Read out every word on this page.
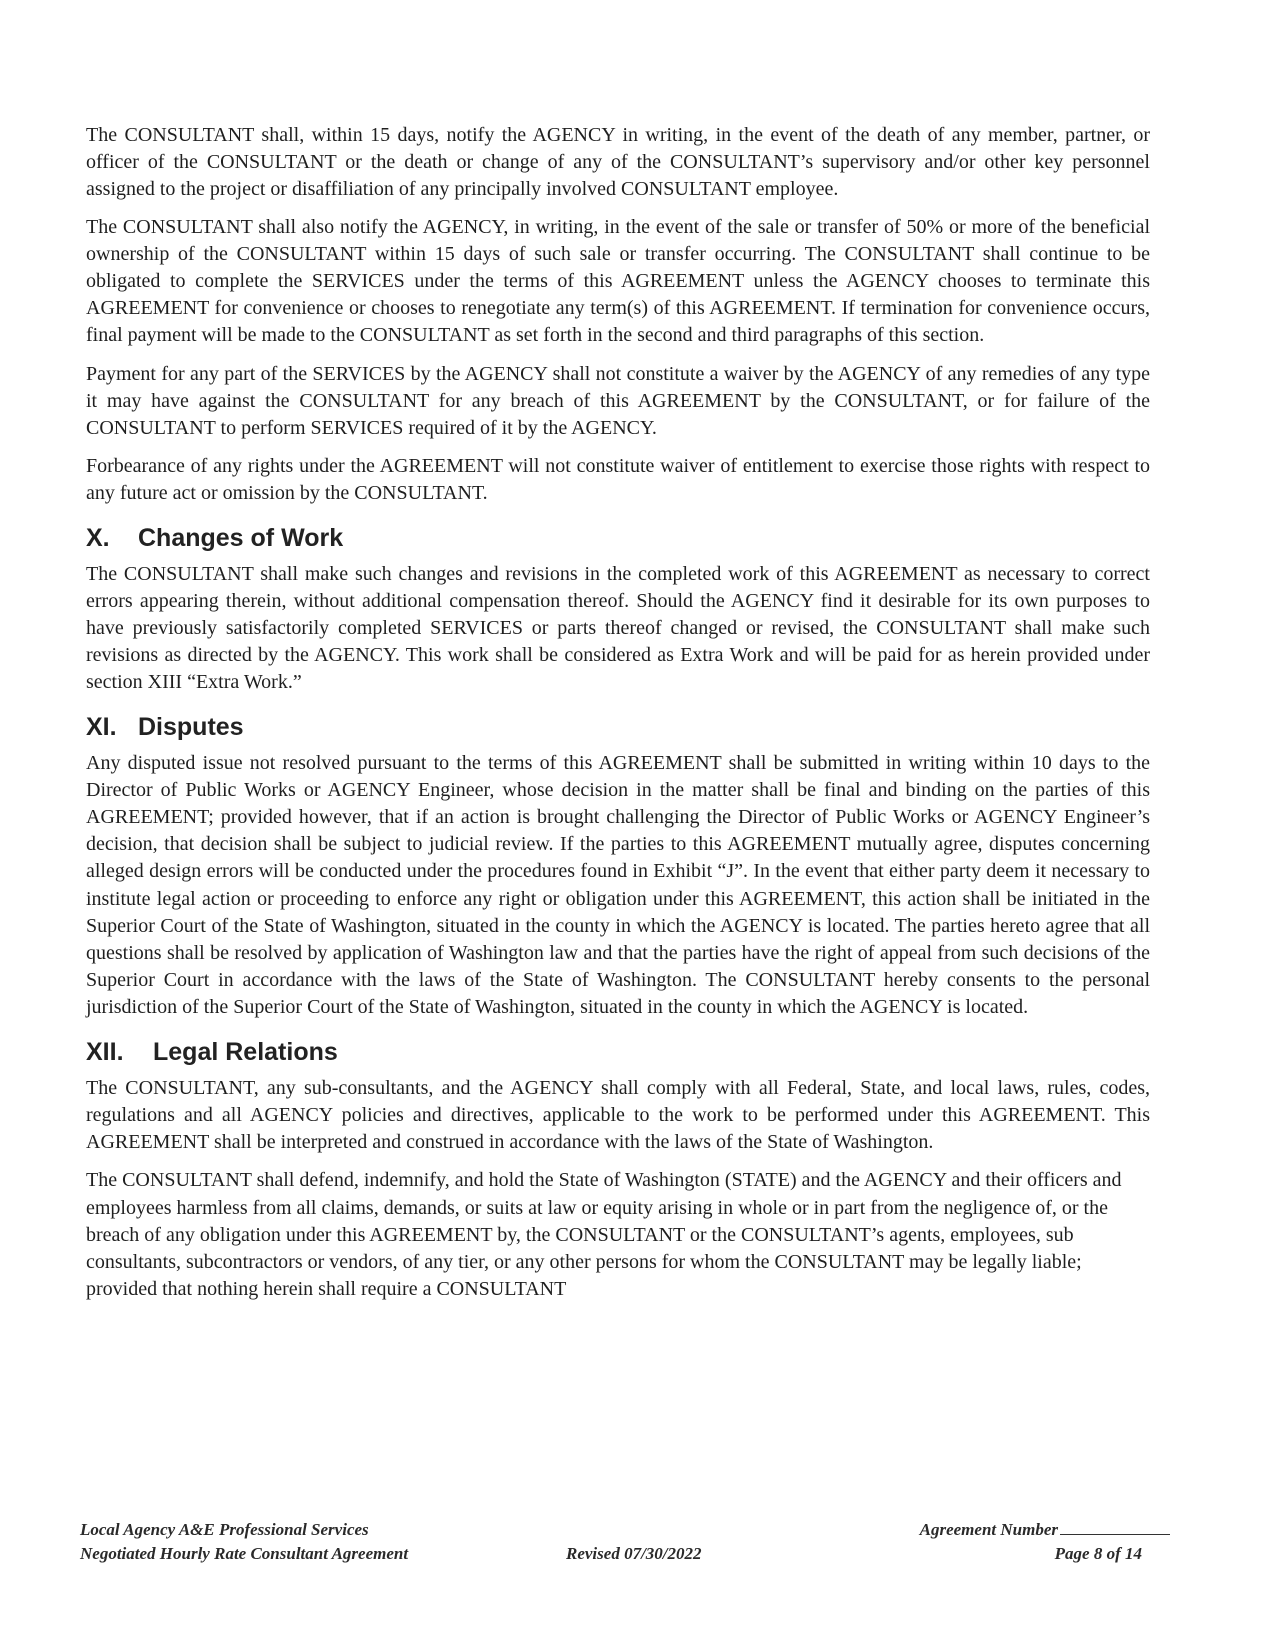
The CONSULTANT shall, within 15 days, notify the AGENCY in writing, in the event of the death of any member, partner, or officer of the CONSULTANT or the death or change of any of the CONSULTANT’s supervisory and/or other key personnel assigned to the project or disaffiliation of any principally involved CONSULTANT employee.

The CONSULTANT shall also notify the AGENCY, in writing, in the event of the sale or transfer of 50% or more of the beneficial ownership of the CONSULTANT within 15 days of such sale or transfer occurring. The CONSULTANT shall continue to be obligated to complete the SERVICES under the terms of this AGREEMENT unless the AGENCY chooses to terminate this AGREEMENT for convenience or chooses to renegotiate any term(s) of this AGREEMENT. If termination for convenience occurs, final payment will be made to the CONSULTANT as set forth in the second and third paragraphs of this section.

Payment for any part of the SERVICES by the AGENCY shall not constitute a waiver by the AGENCY of any remedies of any type it may have against the CONSULTANT for any breach of this AGREEMENT by the CONSULTANT, or for failure of the CONSULTANT to perform SERVICES required of it by the AGENCY.

Forbearance of any rights under the AGREEMENT will not constitute waiver of entitlement to exercise those rights with respect to any future act or omission by the CONSULTANT.

X. Changes of Work

The CONSULTANT shall make such changes and revisions in the completed work of this AGREEMENT as necessary to correct errors appearing therein, without additional compensation thereof. Should the AGENCY find it desirable for its own purposes to have previously satisfactorily completed SERVICES or parts thereof changed or revised, the CONSULTANT shall make such revisions as directed by the AGENCY. This work shall be considered as Extra Work and will be paid for as herein provided under section XIII “Extra Work.”

XI. Disputes

Any disputed issue not resolved pursuant to the terms of this AGREEMENT shall be submitted in writing within 10 days to the Director of Public Works or AGENCY Engineer, whose decision in the matter shall be final and binding on the parties of this AGREEMENT; provided however, that if an action is brought challenging the Director of Public Works or AGENCY Engineer’s decision, that decision shall be subject to judicial review. If the parties to this AGREEMENT mutually agree, disputes concerning alleged design errors will be conducted under the procedures found in Exhibit “J”. In the event that either party deem it necessary to institute legal action or proceeding to enforce any right or obligation under this AGREEMENT, this action shall be initiated in the Superior Court of the State of Washington, situated in the county in which the AGENCY is located. The parties hereto agree that all questions shall be resolved by application of Washington law and that the parties have the right of appeal from such decisions of the Superior Court in accordance with the laws of the State of Washington. The CONSULTANT hereby consents to the personal jurisdiction of the Superior Court of the State of Washington, situated in the county in which the AGENCY is located.

XII. Legal Relations

The CONSULTANT, any sub-consultants, and the AGENCY shall comply with all Federal, State, and local laws, rules, codes, regulations and all AGENCY policies and directives, applicable to the work to be performed under this AGREEMENT. This AGREEMENT shall be interpreted and construed in accordance with the laws of the State of Washington.

The CONSULTANT shall defend, indemnify, and hold the State of Washington (STATE) and the AGENCY and their officers and employees harmless from all claims, demands, or suits at law or equity arising in whole or in part from the negligence of, or the breach of any obligation under this AGREEMENT by, the CONSULTANT or the CONSULTANT’s agents, employees, sub consultants, subcontractors or vendors, of any tier, or any other persons for whom the CONSULTANT may be legally liable; provided that nothing herein shall require a CONSULTANT

Local Agency A&E Professional Services
Negotiated Hourly Rate Consultant Agreement	Revised 07/30/2022
Agreement Number
Page 8 of 14
